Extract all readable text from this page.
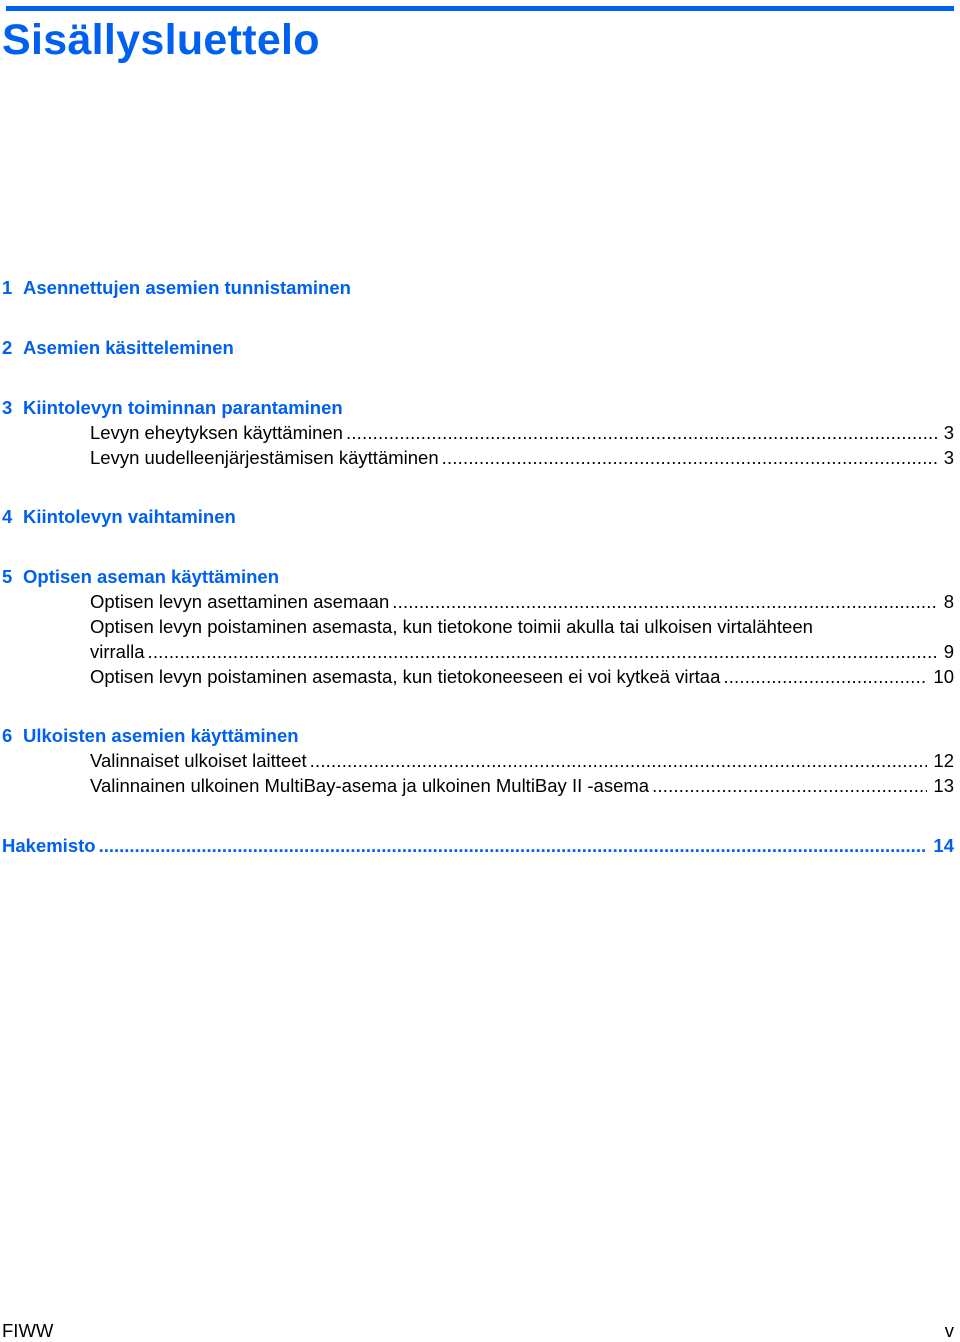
Sisällysluettelo
1 Asennettujen asemien tunnistaminen
2 Asemien käsitteleminen
3 Kiintolevyn toiminnan parantaminen
Levyn eheytyksen käyttäminen .....	3
Levyn uudelleenjärjestämisen käyttäminen .....	3
4 Kiintolevyn vaihtaminen
5 Optisen aseman käyttäminen
Optisen levyn asettaminen asemaan .....	8
Optisen levyn poistaminen asemasta, kun tietokone toimii akulla tai ulkoisen virtalähteen
virralla .....	9
Optisen levyn poistaminen asemasta, kun tietokoneeseen ei voi kytkeä virtaa .....	10
6 Ulkoisten asemien käyttäminen
Valinnaiset ulkoiset laitteet .....	12
Valinnainen ulkoinen MultiBay-asema ja ulkoinen MultiBay II -asema .....	13
Hakemisto .....	14
FIWW	v
